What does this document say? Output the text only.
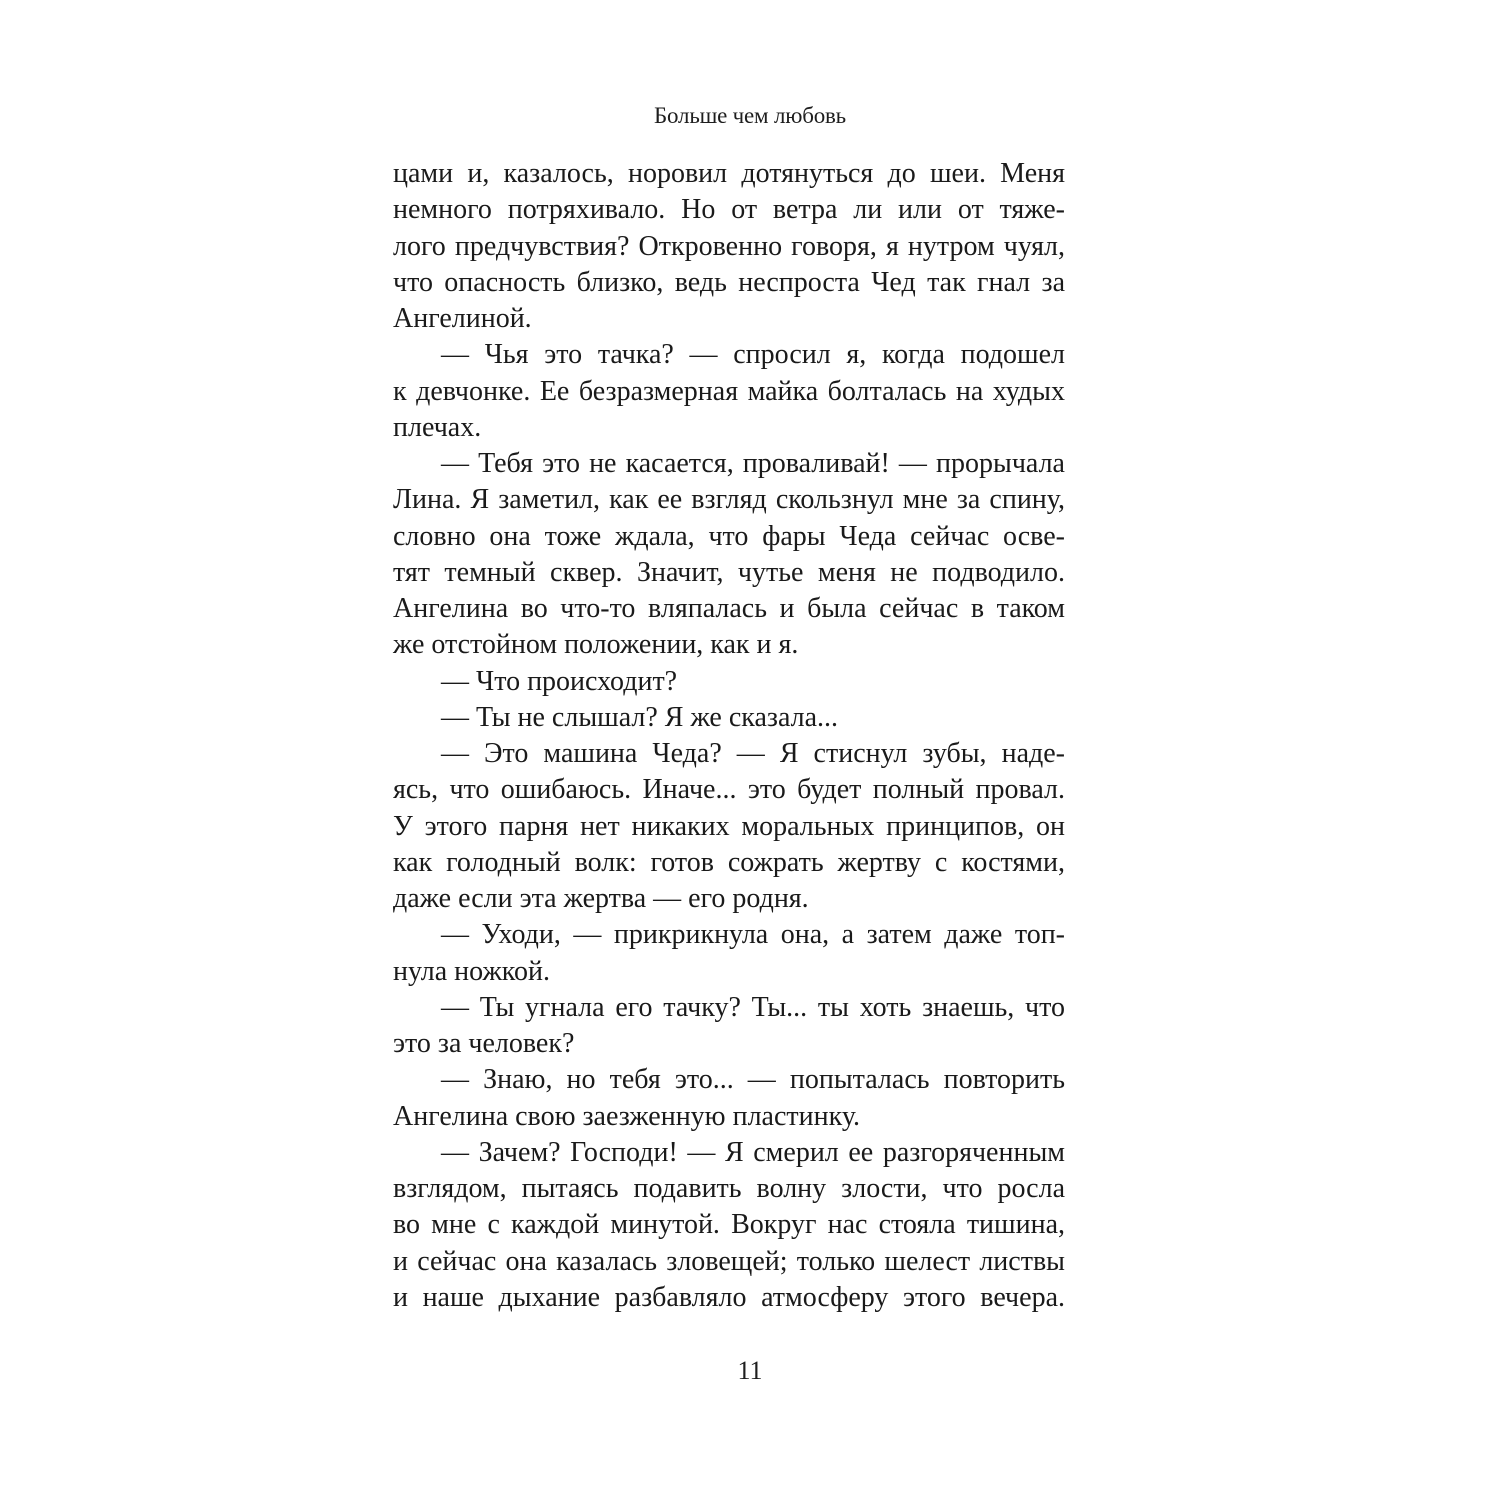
Больше чем любовь
цами и, казалось, норовил дотянуться до шеи. Меня
немного потряхивало. Но от ветра ли или от тяже-
лого предчувствия? Откровенно говоря, я нутром чуял,
что опасность близко, ведь неспроста Чед так гнал за
Ангелиной.
— Чья это тачка? — спросил я, когда подошел
к девчонке. Ее безразмерная майка болталась на худых
плечах.
— Тебя это не касается, проваливай! — прорычала
Лина. Я заметил, как ее взгляд скользнул мне за спину,
словно она тоже ждала, что фары Чеда сейчас осве-
тят темный сквер. Значит, чутье меня не подводило.
Ангелина во что-то вляпалась и была сейчас в таком
же отстойном положении, как и я.
— Что происходит?
— Ты не слышал? Я же сказала...
— Это машина Чеда? — Я стиснул зубы, наде-
ясь, что ошибаюсь. Иначе... это будет полный провал.
У этого парня нет никаких моральных принципов, он
как голодный волк: готов сожрать жертву с костями,
даже если эта жертва — его родня.
— Уходи, — прикрикнула она, а затем даже топ-
нула ножкой.
— Ты угнала его тачку? Ты... ты хоть знаешь, что
это за человек?
— Знаю, но тебя это... — попыталась повторить
Ангелина свою заезженную пластинку.
— Зачем? Господи! — Я смерил ее разгоряченным
взглядом, пытаясь подавить волну злости, что росла
во мне с каждой минутой. Вокруг нас стояла тишина,
и сейчас она казалась зловещей; только шелест листвы
и наше дыхание разбавляло атмосферу этого вечера.
11
